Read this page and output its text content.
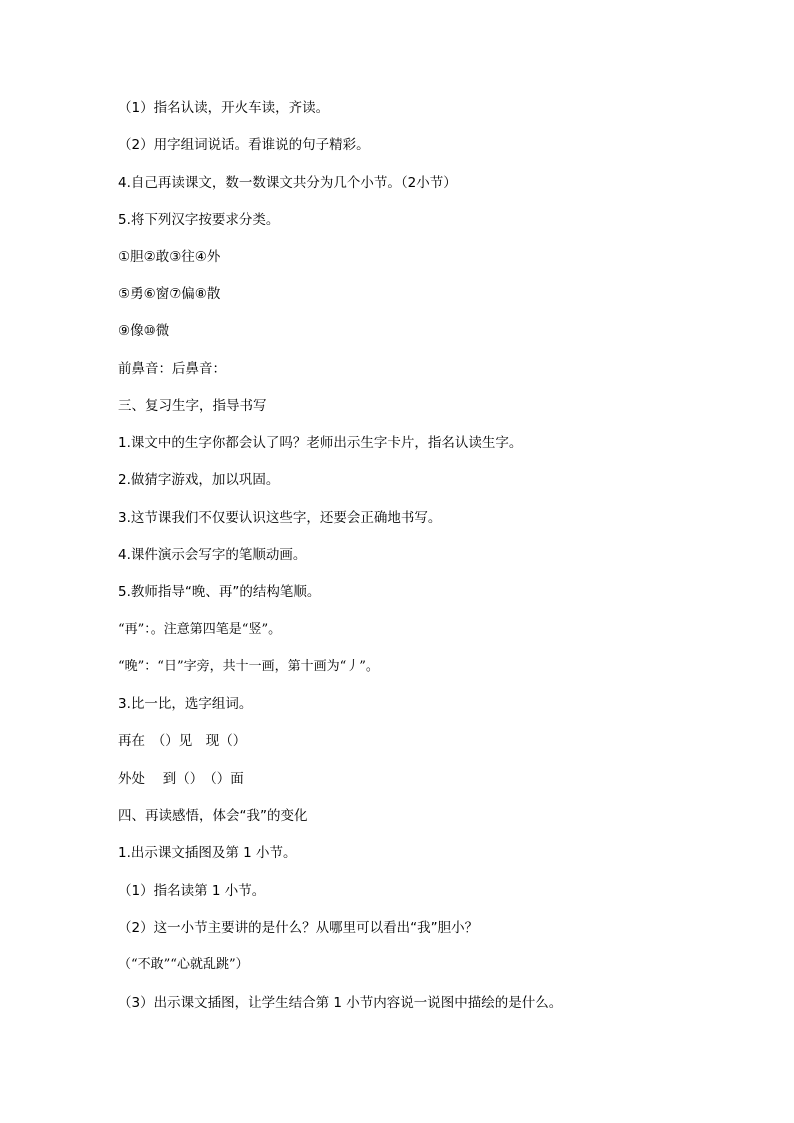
（1）指名认读，开火车读，齐读。
（2）用字组词说话。看谁说的句子精彩。
4.自己再读课文，数一数课文共分为几个小节。（2小节）
5.将下列汉字按要求分类。
①胆②敢③往④外
⑤勇⑥窗⑦偏⑧散
⑨像⑩微
前鼻音：后鼻音：
三、复习生字，指导书写
1.课文中的生字你都会认了吗？老师出示生字卡片，指名认读生字。
2.做猜字游戏，加以巩固。
3.这节课我们不仅要认识这些字，还要会正确地书写。
4.课件演示会写字的笔顺动画。
5.教师指导“晚、再”的结构笔顺。
“再”：。注意第四笔是“竖”。
“晚”：“日”字旁，共十一画，第十画为“丿”。
3.比一比，选字组词。
再在　（）见　现（）
外处　 到（）　（）面
四、再读感悟，体会“我”的变化
1.出示课文插图及第 1 小节。
（1）指名读第 1 小节。
（2）这一小节主要讲的是什么？从哪里可以看出“我”胆小？
（“不敢”“心就乱跳”）
（3）出示课文插图，让学生结合第 1 小节内容说一说图中描绘的是什么。
